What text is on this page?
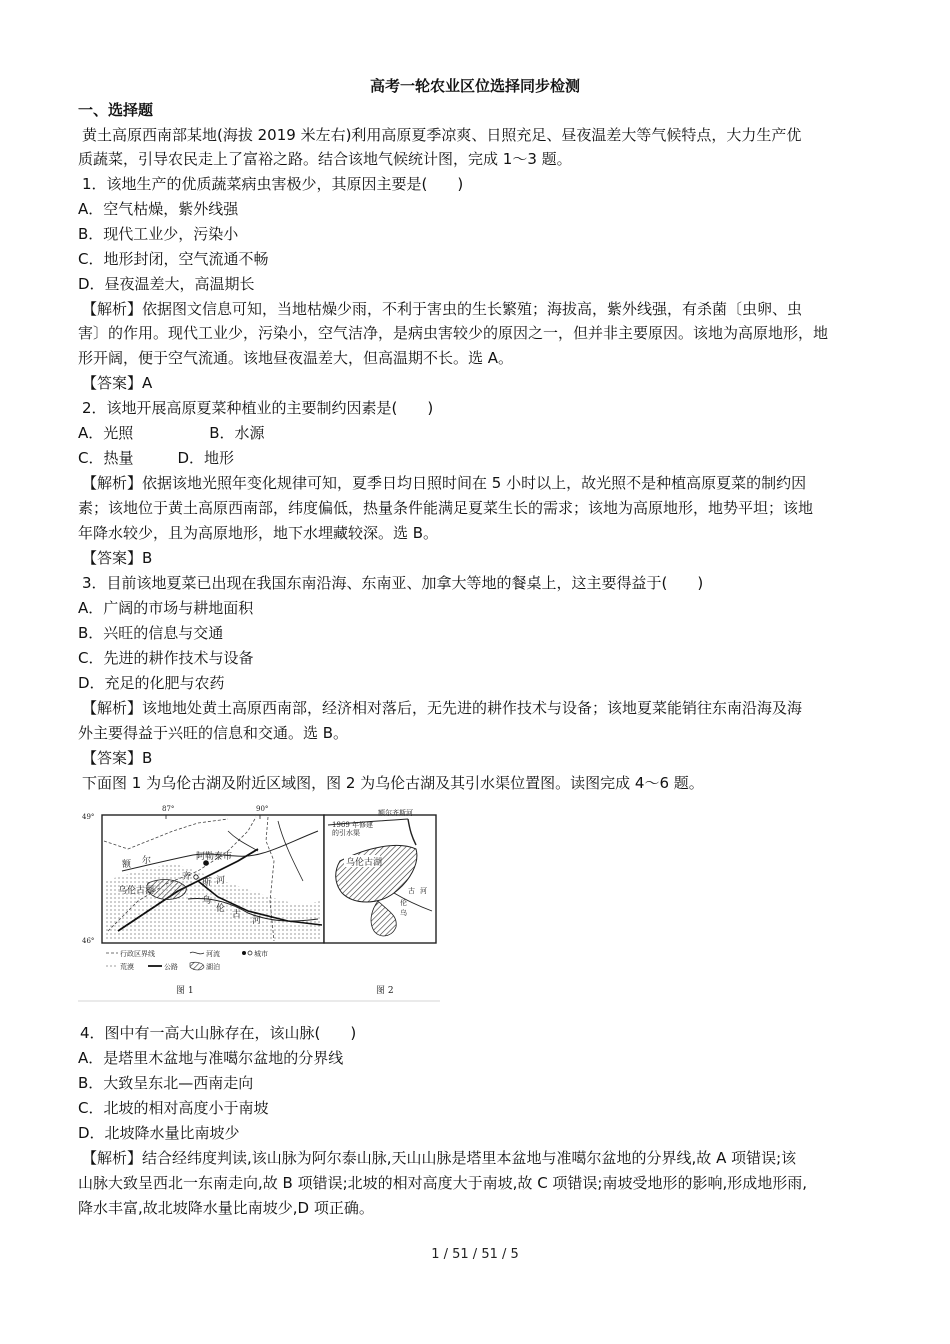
高考一轮农业区位选择同步检测
一、选择题
黄土高原西南部某地(海拔 2019 米左右)利用高原夏季凉爽、日照充足、昼夜温差大等气候特点，大力生产优
质蔬菜，引导农民走上了富裕之路。结合该地气候统计图，完成 1～3 题。
1．该地生产的优质蔬菜病虫害极少，其原因主要是(　　)
A．空气枯燥，紫外线强
B．现代工业少，污染小
C．地形封闭，空气流通不畅
D．昼夜温差大，高温期长
【解析】依据图文信息可知，当地枯燥少雨，不利于害虫的生长繁殖；海拔高，紫外线强，有杀菌〔虫卵、虫
害〕的作用。现代工业少，污染小，空气洁净，是病虫害较少的原因之一，但并非主要原因。该地为高原地形，地
形开阔，便于空气流通。该地昼夜温差大，但高温期不长。选 A。
【答案】A
2．该地开展高原夏菜种植业的主要制约因素是(　　)
A．光照	B．水源
C．热量	D．地形
【解析】依据该地光照年变化规律可知，夏季日均日照时间在 5 小时以上，故光照不是种植高原夏菜的制约因
素；该地位于黄土高原西南部，纬度偏低，热量条件能满足夏菜生长的需求；该地为高原地形，地势平坦；该地
年降水较少，且为高原地形，地下水埋藏较深。选 B。
【答案】B
3．目前该地夏菜已出现在我国东南沿海、东南亚、加拿大等地的餐桌上，这主要得益于(　　)
A．广阔的市场与耕地面积
B．兴旺的信息与交通
C．先进的耕作技术与设备
D．充足的化肥与农药
【解析】该地地处黄土高原西南部，经济相对落后，无先进的耕作技术与设备；该地夏菜能销往东南沿海及海
外主要得益于兴旺的信息和交通。选 B。
【答案】B
下面图 1 为乌伦古湖及附近区域图，图 2 为乌伦古湖及其引水渠位置图。读图完成 4～6 题。
87°	90°
49°
46°
阿勒泰市
额 尔
齐
斯 河
乌伦古湖
乌
伦
古
河
行政区界线	河流	城市
荒漠	公路	湖泊
图 1
额尔齐斯河
1969 年修建
的引水渠
乌伦古湖
古 河
伦
乌
图 2
4．图中有一高大山脉存在，该山脉(　　)
A．是塔里木盆地与准噶尔盆地的分界线
B．大致呈东北—西南走向
C．北坡的相对高度小于南坡
D．北坡降水量比南坡少
【解析】结合经纬度判读,该山脉为阿尔泰山脉,天山山脉是塔里本盆地与准噶尔盆地的分界线,故 A 项错误;该
山脉大致呈西北一东南走向,故 B 项错误;北坡的相对高度大于南坡,故 C 项错误;南坡受地形的影响,形成地形雨,
降水丰富,故北坡降水量比南坡少,D 项正确。
1 / 51 / 51 / 5
